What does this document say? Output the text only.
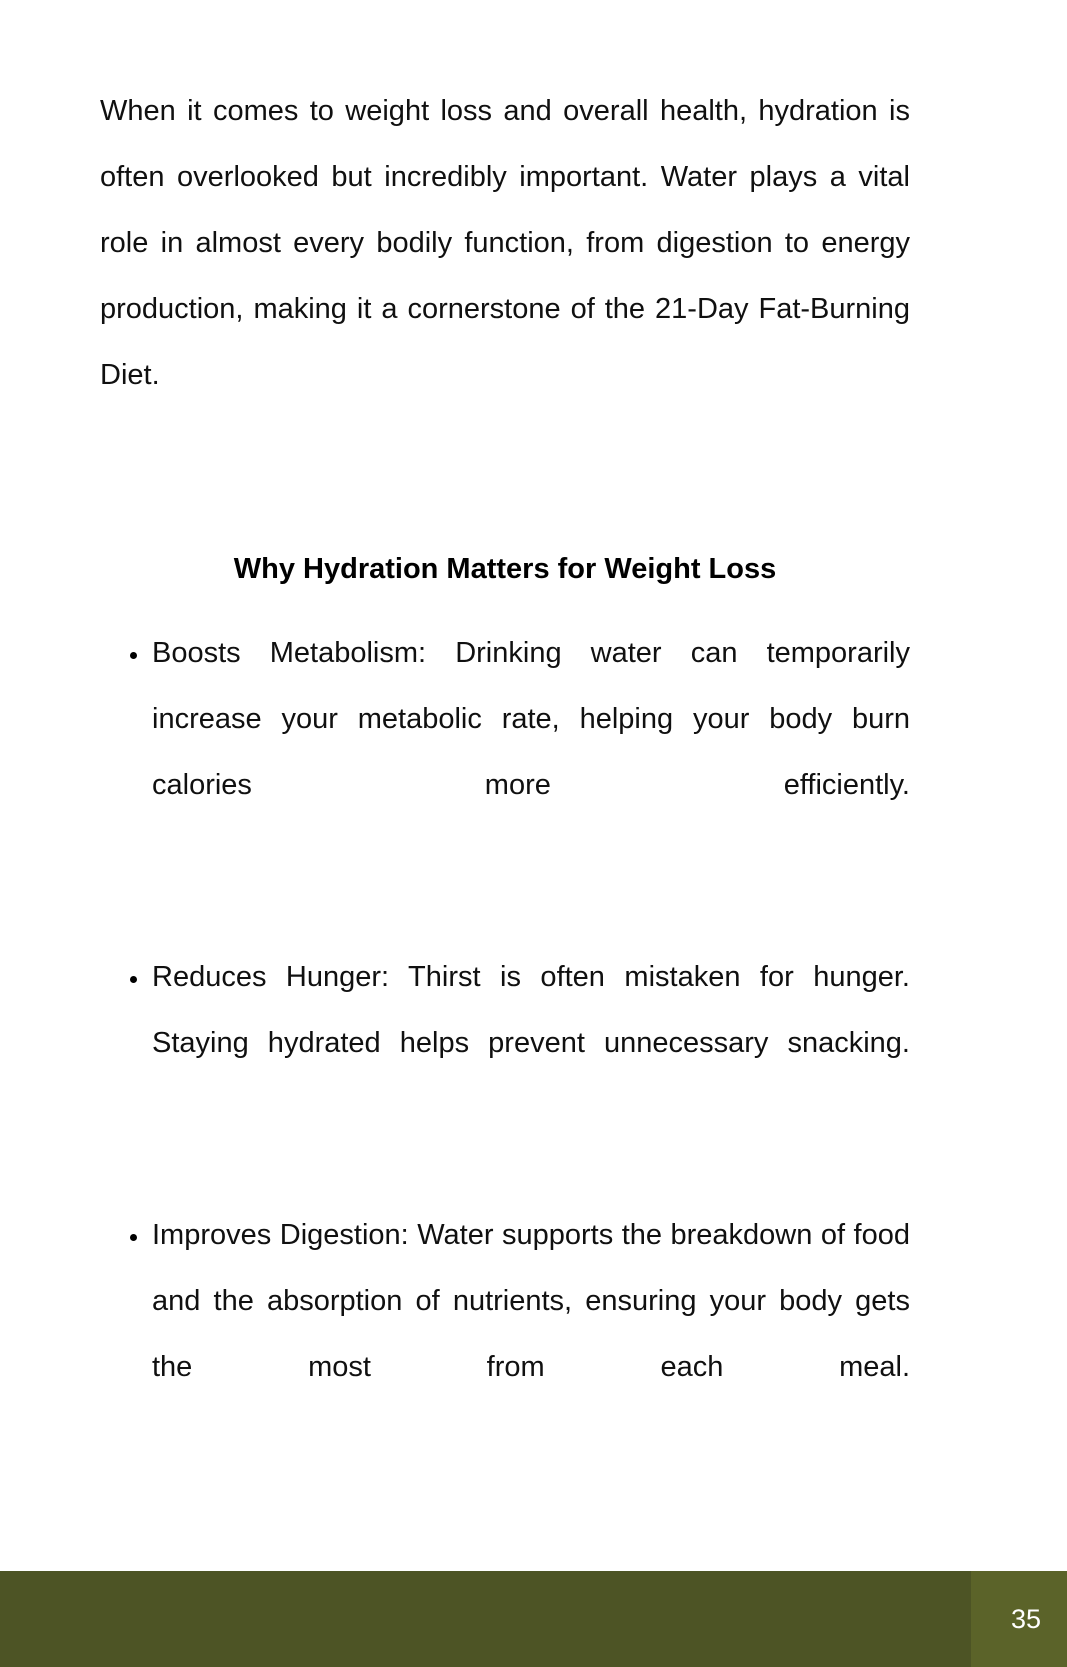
When it comes to weight loss and overall health, hydration is often overlooked but incredibly important. Water plays a vital role in almost every bodily function, from digestion to energy production, making it a cornerstone of the 21-Day Fat-Burning Diet.

Why Hydration Matters for Weight Loss
Boosts Metabolism: Drinking water can temporarily increase your metabolic rate, helping your body burn calories more efficiently.
Reduces Hunger: Thirst is often mistaken for hunger. Staying hydrated helps prevent unnecessary snacking.
Improves Digestion: Water supports the breakdown of food and the absorption of nutrients, ensuring your body gets the most from each meal.
35
